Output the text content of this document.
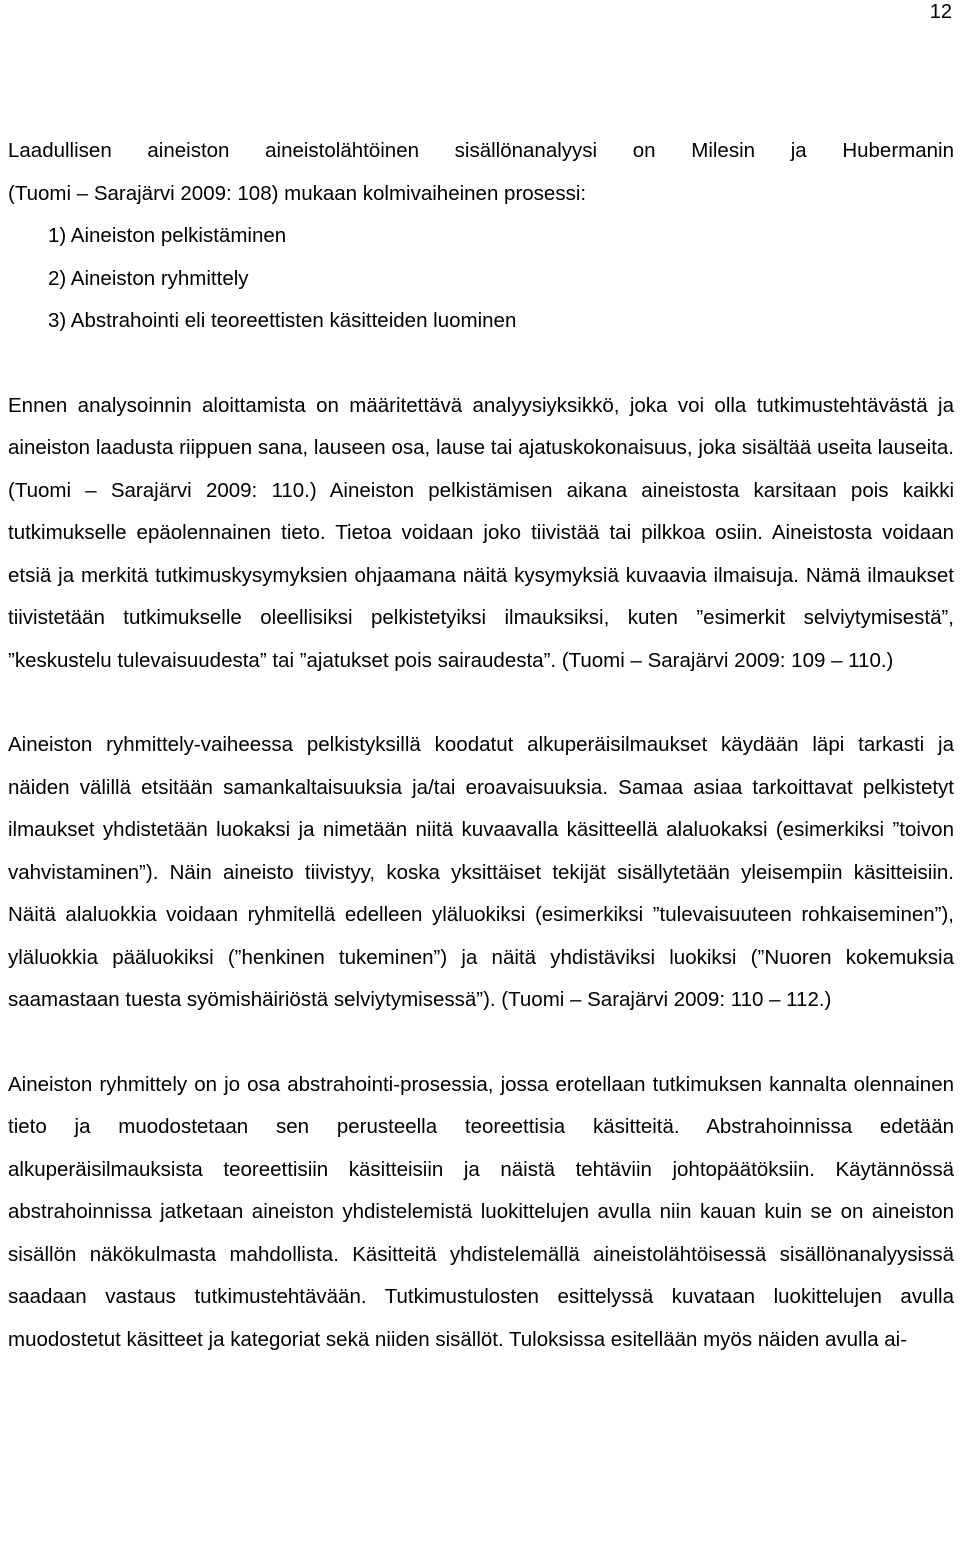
12

Laadullisen aineiston aineistolähtöinen sisällönanalyysi on Milesin ja Hubermanin

(Tuomi – Sarajärvi 2009: 108) mukaan kolmivaiheinen prosessi:

1) Aineiston pelkistäminen
2) Aineiston ryhmittely
3) Abstrahointi eli teoreettisten käsitteiden luominen

Ennen analysoinnin aloittamista on määritettävä analyysiyksikkö, joka voi olla tutkimustehtävästä ja aineiston laadusta riippuen sana, lauseen osa, lause tai ajatuskokonaisuus, joka sisältää useita lauseita. (Tuomi – Sarajärvi 2009: 110.) Aineiston pelkistämisen aikana aineistosta karsitaan pois kaikki tutkimukselle epäolennainen tieto. Tietoa voidaan joko tiivistää tai pilkkoa osiin. Aineistosta voidaan etsiä ja merkitä tutkimuskysymyksien ohjaamana näitä kysymyksiä kuvaavia ilmaisuja. Nämä ilmaukset tiivistetään tutkimukselle oleellisiksi pelkistetyiksi ilmauksiksi, kuten ”esimerkit selviytymisestä”, ”keskustelu tulevaisuudesta” tai ”ajatukset pois sairaudesta”. (Tuomi – Sarajärvi 2009: 109 – 110.)

Aineiston ryhmittely-vaiheessa pelkistyksillä koodatut alkuperäisilmaukset käydään läpi tarkasti ja näiden välillä etsitään samankaltaisuuksia ja/tai eroavaisuuksia. Samaa asiaa tarkoittavat pelkistetyt ilmaukset yhdistetään luokaksi ja nimetään niitä kuvaavalla käsitteellä alaluokaksi (esimerkiksi ”toivon vahvistaminen”). Näin aineisto tiivistyy, koska yksittäiset tekijät sisällytetään yleisempiin käsitteisiin. Näitä alaluokkia voidaan ryhmitellä edelleen yläluokiksi (esimerkiksi ”tulevaisuuteen rohkaiseminen”), yläluokkia pääluokiksi (”henkinen tukeminen”) ja näitä yhdistäviksi luokiksi (”Nuoren kokemuksia saamastaan tuesta syömishäiriöstä selviytymisessä”). (Tuomi – Sarajärvi 2009: 110 – 112.)

Aineiston ryhmittely on jo osa abstrahointi-prosessia, jossa erotellaan tutkimuksen kannalta olennainen tieto ja muodostetaan sen perusteella teoreettisia käsitteitä. Abstrahoinnissa edetään alkuperäisilmauksista teoreettisiin käsitteisiin ja näistä tehtäviin johtopäätöksiin. Käytännössä abstrahoinnissa jatketaan aineiston yhdistelemistä luokittelujen avulla niin kauan kuin se on aineiston sisällön näkökulmasta mahdollista. Käsitteitä yhdistelemällä aineistolähtöisessä sisällönanalyysissä saadaan vastaus tutkimustehtävään. Tutkimustulosten esittelyssä kuvataan luokittelujen avulla muodostetut käsitteet ja kategoriat sekä niiden sisällöt. Tuloksissa esitellään myös näiden avulla ai-
